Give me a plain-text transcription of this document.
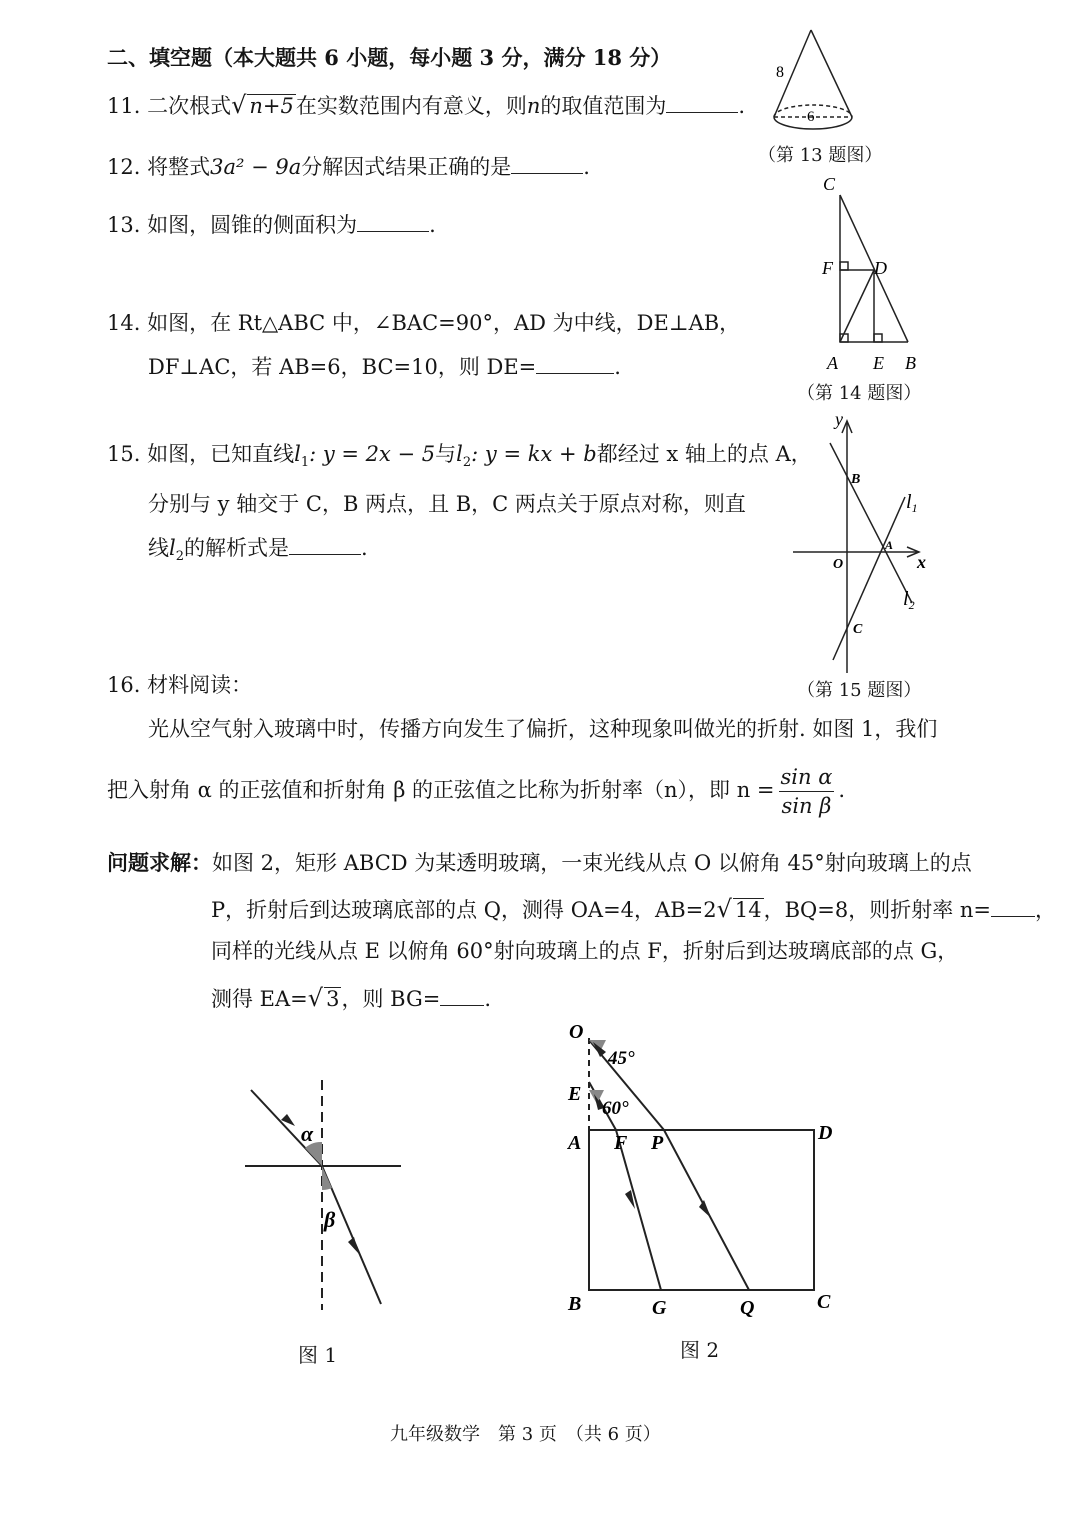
二、填空题（本大题共 6 小题，每小题 3 分，满分 18 分）
11. 二次根式√ n+5在实数范围内有意义，则n的取值范围为	.
12. 将整式3a² − 9a分解因式结果正确的是	.
13. 如图，圆锥的侧面积为	.
14. 如图，在 Rt△ABC 中，∠BAC=90°，AD 为中线，DE⊥AB，
DF⊥AC，若 AB=6，BC=10，则 DE=	.
15. 如图，已知直线$l_1$: y = 2x − 5与$l_2$: y = kx + b都经过 x 轴上的点 A，
分别与 y 轴交于 C，B 两点，且 B，C 两点关于原点对称，则直
线$l_2$的解析式是	.
16. 材料阅读：
光从空气射入玻璃中时，传播方向发生了偏折，这种现象叫做光的折射. 如图 1，我们
把入射角 α 的正弦值和折射角 β 的正弦值之比称为折射率（n），即 $n = \frac{\text{sin α}}{\text{sin β}}$ .
问题求解：如图 2，矩形 ABCD 为某透明玻璃，一束光线从点 O 以俯角 45°射向玻璃上的点
P，折射后到达玻璃底部的点 Q，测得 OA=4，AB=2√ 14，BQ=8，则折射率 n= ，
同样的光线从点 E 以俯角 60°射向玻璃上的点 F，折射后到达玻璃底部的点 G，
测得 EA=√ 3，则 BG= .
8
6
（第 13 题图）
C
F D
A E B
（第 14 题图）
y
B
$l_1$
A
O	x
$l_2$
C
（第 15 题图）
α
β
图 1
O
45°
E
60°
A F P	D
B	G	Q	C
图 2
九年级数学　第 3 页　（共 6 页）
